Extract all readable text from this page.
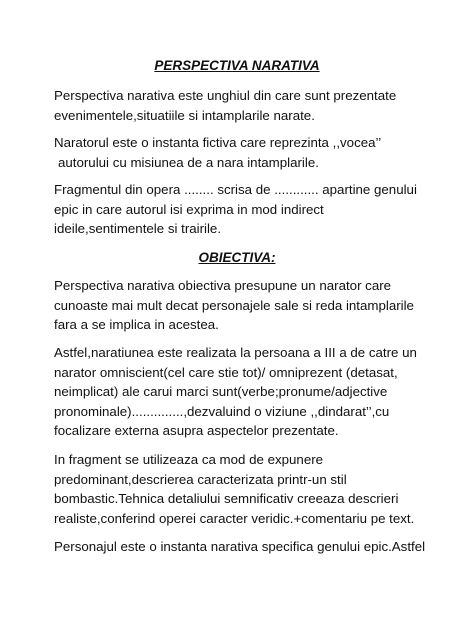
PERSPECTIVA NARATIVA

Perspectiva narativa este unghiul din care sunt prezentate
evenimentele,situatiile si intamplarile narate.

Naratorul este o instanta fictiva care reprezinta ,,vocea’’
autorului cu misiunea de a nara intamplarile.

Fragmentul din opera ........ scrisa de ............ apartine genului
epic in care autorul isi exprima in mod indirect
ideile,sentimentele si trairile.

OBIECTIVA:

Perspectiva narativa obiectiva presupune un narator care
cunoaste mai mult decat personajele sale si reda intamplarile
fara a se implica in acestea.

Astfel,naratiunea este realizata la persoana a III a de catre un
narator omniscient(cel care stie tot)/ omniprezent (detasat,
neimplicat) ale carui marci sunt(verbe;pronume/adjective
pronominale)..............,dezvaluind o viziune ,,dindarat’’,cu
focalizare externa asupra aspectelor prezentate.

In fragment se utilizeaza ca mod de expunere
predominant,descrierea caracterizata printr-un stil
bombastic.Tehnica detaliului semnificativ creeaza descrieri
realiste,conferind operei caracter veridic.+comentariu pe text.

Personajul este o instanta narativa specifica genului epic.Astfel
